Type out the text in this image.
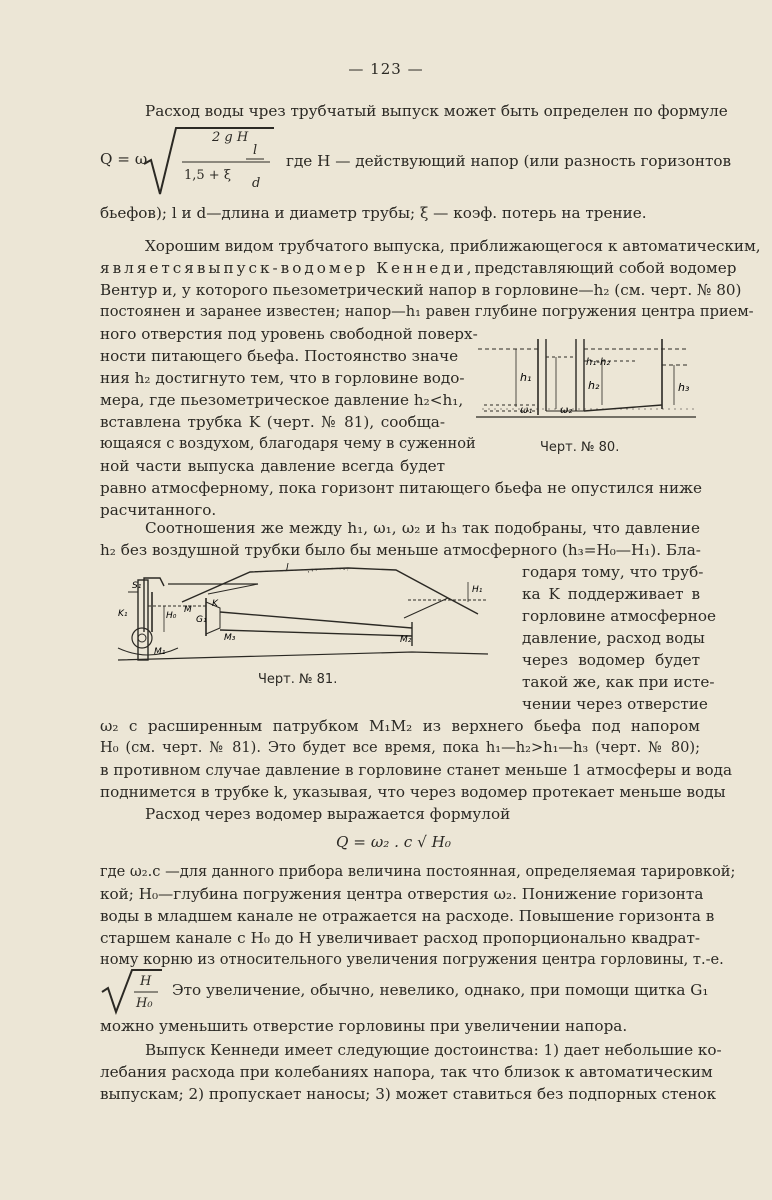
— 123 —
Расход воды чрез трубчатый выпуск может быть определен по формуле
Q = ω
2 g H
1,5 + ξ
l
d
где H — действующий напор (или разность горизонтов
бьефов); l и d—длина и диаметр трубы; ξ — коэф. потерь на трение.
Хорошим видом трубчатого выпуска, приближающегося к автоматическим,
является выпуск-водомер Кеннеди, представляющий собой водомер
Вентур и, у которого пьезометрический напор в горловине—h₂ (см. черт. № 80)
постоянен и заранее известен; напор—h₁ равен глубине погружения центра прием-
ного отверстия под уровень свободной поверх-
ности питающего бьефа. Постоянство значе
ния h₂ достигнуто тем, что в горловине водо-
мера, где пьезометрическое давление h₂<h₁,
вставлена трубка K (черт. № 81), сообща-
ющаяся с воздухом, благодаря чему в суженной
ной части выпуска давление всегда будет
равно атмосферному, пока горизонт питающего бьефа не опустился ниже
расчитанного.
h₁
h₁-h₂
h₂	h₃
ω₁	ω₂
Черт. № 80.
Соотношения же между h₁, ω₁, ω₂ и h₃ так подобраны, что давление
h₂ без воздушной трубки было бы меньше атмосферного (h₃=H₀—H₁). Бла-
годаря тому, что труб-
ка K поддерживает в
горловине атмосферное
давление, расход воды
через водомер будет
такой же, как при исте-
чении через отверстие
S₁
K₁	H₀
M
G₁
K
H₁
M₁
M₂
M₃
l
Черт. № 81.
ω₂ с расширенным патрубком M₁M₂ из верхнего бьефа под напором
H₀ (см. черт. № 81). Это будет все время, пока h₁—h₂>h₁—h₃ (черт. № 80);
в противном случае давление в горловине станет меньше 1 атмосферы и вода
поднимется в трубке k, указывая, что через водомер протекает меньше воды
Расход через водомер выражается формулой
Q = ω₂ . c √ H₀
где ω₂.c —для данного прибора величина постоянная, определяемая тарировкой;
кой; H₀—глубина погружения центра отверстия ω₂. Понижение горизонта
воды в младшем канале не отражается на расходе. Повышение горизонта в
старшем канале с H₀ до H увеличивает расход пропорционально квадрат-
ному корню из относительного увеличения погружения центра горловины, т.-е.
H
H₀
Это увеличение, обычно, невелико, однако, при помощи щитка G₁
можно уменьшить отверстие горловины при увеличении напора.
Выпуск Кеннеди имеет следующие достоинства: 1) дает небольшие ко-
лебания расхода при колебаниях напора, так что близок к автоматическим
выпускам; 2) пропускает наносы; 3) может ставиться без подпорных стенок
